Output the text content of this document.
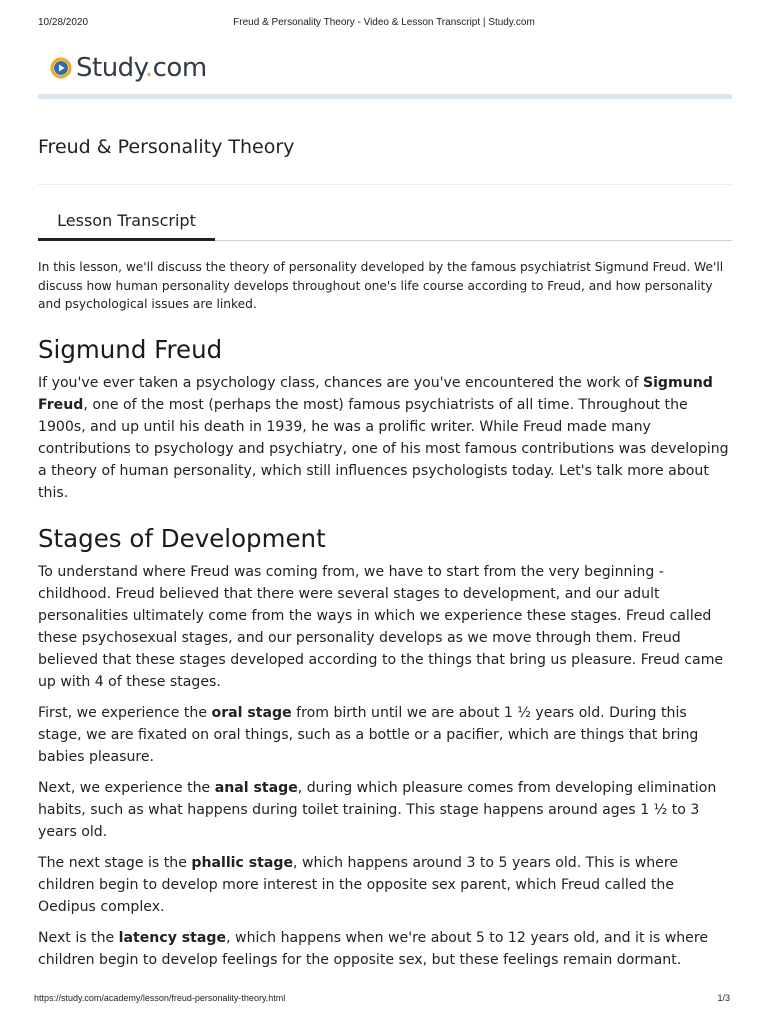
10/28/2020	Freud & Personality Theory - Video & Lesson Transcript | Study.com
Study.com
Freud & Personality Theory
Lesson Transcript

In this lesson, we'll discuss the theory of personality developed by the famous psychiatrist Sigmund Freud. We'll discuss how human personality develops throughout one's life course according to Freud, and how personality and psychological issues are linked.

Sigmund Freud

If you've ever taken a psychology class, chances are you've encountered the work of Sigmund Freud, one of the most (perhaps the most) famous psychiatrists of all time. Throughout the 1900s, and up until his death in 1939, he was a prolific writer. While Freud made many contributions to psychology and psychiatry, one of his most famous contributions was developing a theory of human personality, which still influences psychologists today. Let's talk more about this.

Stages of Development

To understand where Freud was coming from, we have to start from the very beginning - childhood. Freud believed that there were several stages to development, and our adult personalities ultimately come from the ways in which we experience these stages. Freud called these psychosexual stages, and our personality develops as we move through them. Freud believed that these stages developed according to the things that bring us pleasure. Freud came up with 4 of these stages.

First, we experience the oral stage from birth until we are about 1 ½ years old. During this stage, we are fixated on oral things, such as a bottle or a pacifier, which are things that bring babies pleasure.

Next, we experience the anal stage, during which pleasure comes from developing elimination habits, such as what happens during toilet training. This stage happens around ages 1 ½ to 3 years old.

The next stage is the phallic stage, which happens around 3 to 5 years old. This is where children begin to develop more interest in the opposite sex parent, which Freud called the Oedipus complex.

Next is the latency stage, which happens when we're about 5 to 12 years old, and it is where children begin to develop feelings for the opposite sex, but these feelings remain dormant.

https://study.com/academy/lesson/freud-personality-theory.html	1/3
